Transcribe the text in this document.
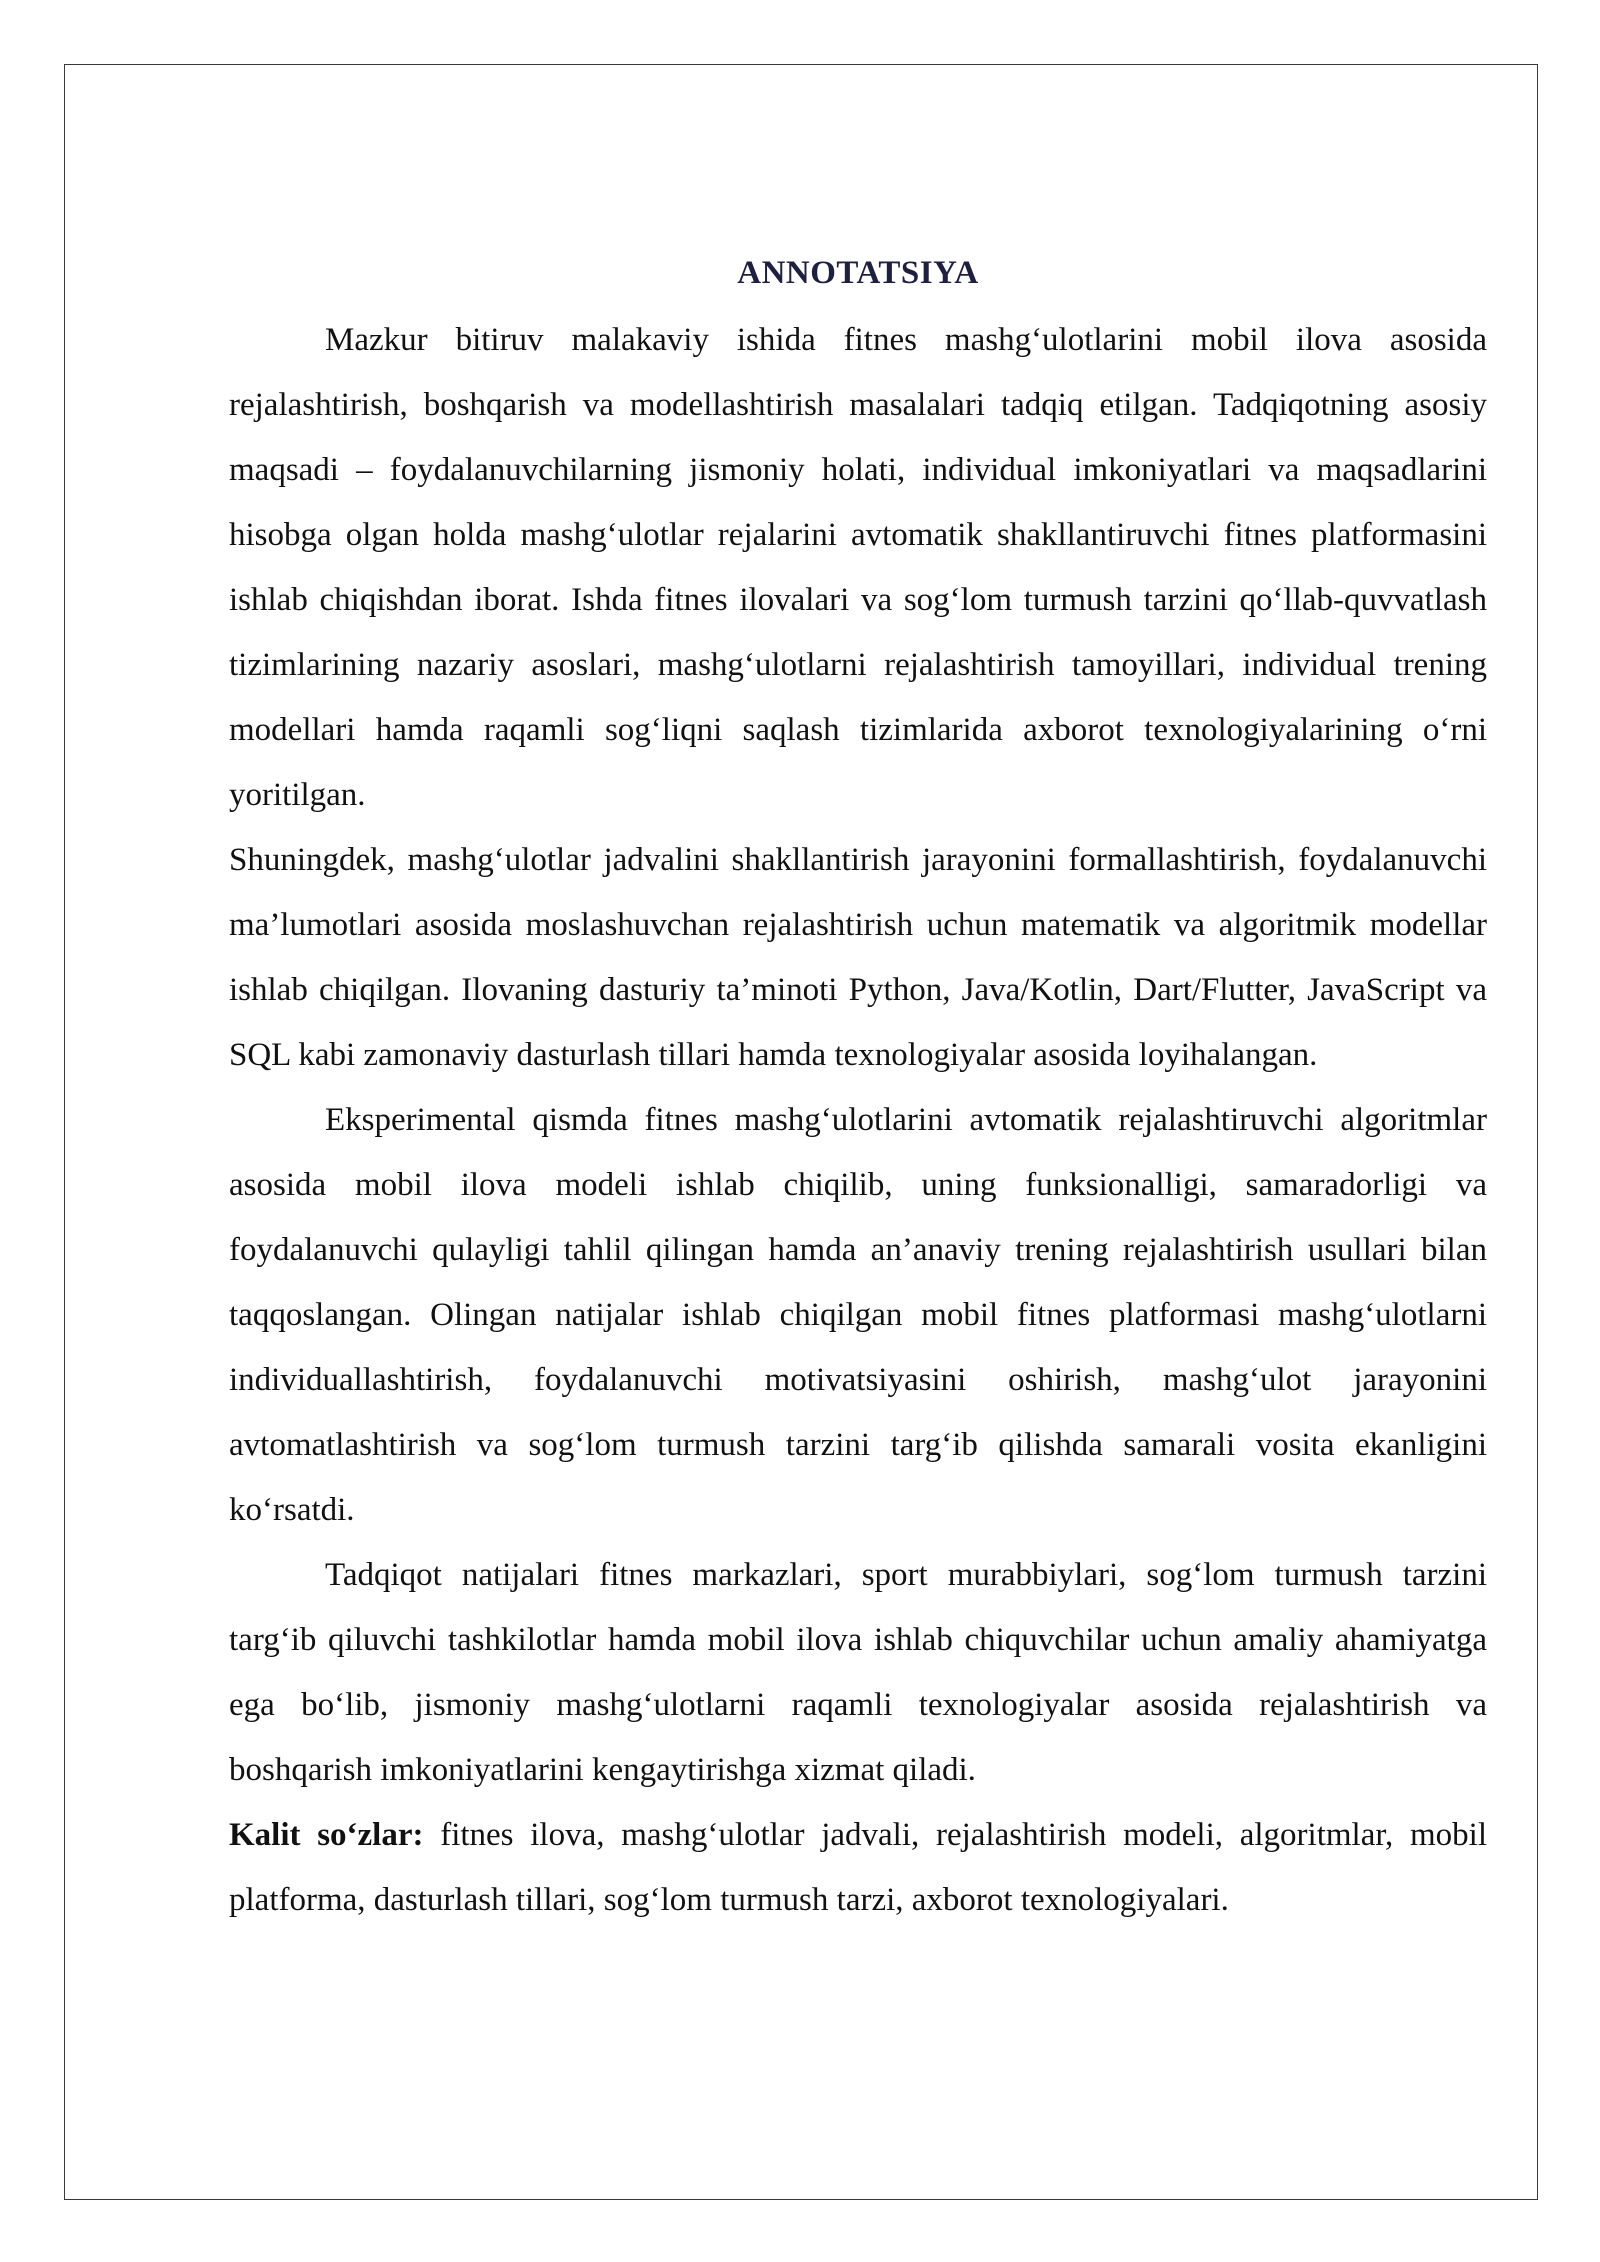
ANNOTATSIYA

Mazkur bitiruv malakaviy ishida fitnes mashg‘ulotlarini mobil ilova asosida rejalashtirish, boshqarish va modellashtirish masalalari tadqiq etilgan. Tadqiqotning asosiy maqsadi – foydalanuvchilarning jismoniy holati, individual imkoniyatlari va maqsadlarini hisobga olgan holda mashg‘ulotlar rejalarini avtomatik shakllantiruvchi fitnes platformasini ishlab chiqishdan iborat. Ishda fitnes ilovalari va sog‘lom turmush tarzini qo‘llab-quvvatlash tizimlarining nazariy asoslari, mashg‘ulotlarni rejalashtirish tamoyillari, individual trening modellari hamda raqamli sog‘liqni saqlash tizimlarida axborot texnologiyalarining o‘rni yoritilgan.

Shuningdek, mashg‘ulotlar jadvalini shakllantirish jarayonini formallashtirish, foydalanuvchi ma’lumotlari asosida moslashuvchan rejalashtirish uchun matematik va algoritmik modellar ishlab chiqilgan. Ilovaning dasturiy ta’minoti Python, Java/Kotlin, Dart/Flutter, JavaScript va SQL kabi zamonaviy dasturlash tillari hamda texnologiyalar asosida loyihalangan.

Eksperimental qismda fitnes mashg‘ulotlarini avtomatik rejalashtiruvchi algoritmlar asosida mobil ilova modeli ishlab chiqilib, uning funksionalligi, samaradorligi va foydalanuvchi qulayligi tahlil qilingan hamda an’anaviy trening rejalashtirish usullari bilan taqqoslangan. Olingan natijalar ishlab chiqilgan mobil fitnes platformasi mashg‘ulotlarni individuallashtirish, foydalanuvchi motivatsiyasini oshirish, mashg‘ulot jarayonini avtomatlashtirish va sog‘lom turmush tarzini targ‘ib qilishda samarali vosita ekanligini ko‘rsatdi.

Tadqiqot natijalari fitnes markazlari, sport murabbiylari, sog‘lom turmush tarzini targ‘ib qiluvchi tashkilotlar hamda mobil ilova ishlab chiquvchilar uchun amaliy ahamiyatga ega bo‘lib, jismoniy mashg‘ulotlarni raqamli texnologiyalar asosida rejalashtirish va boshqarish imkoniyatlarini kengaytirishga xizmat qiladi.

Kalit so‘zlar: fitnes ilova, mashg‘ulotlar jadvali, rejalashtirish modeli, algoritmlar, mobil platforma, dasturlash tillari, sog‘lom turmush tarzi, axborot texnologiyalari.
